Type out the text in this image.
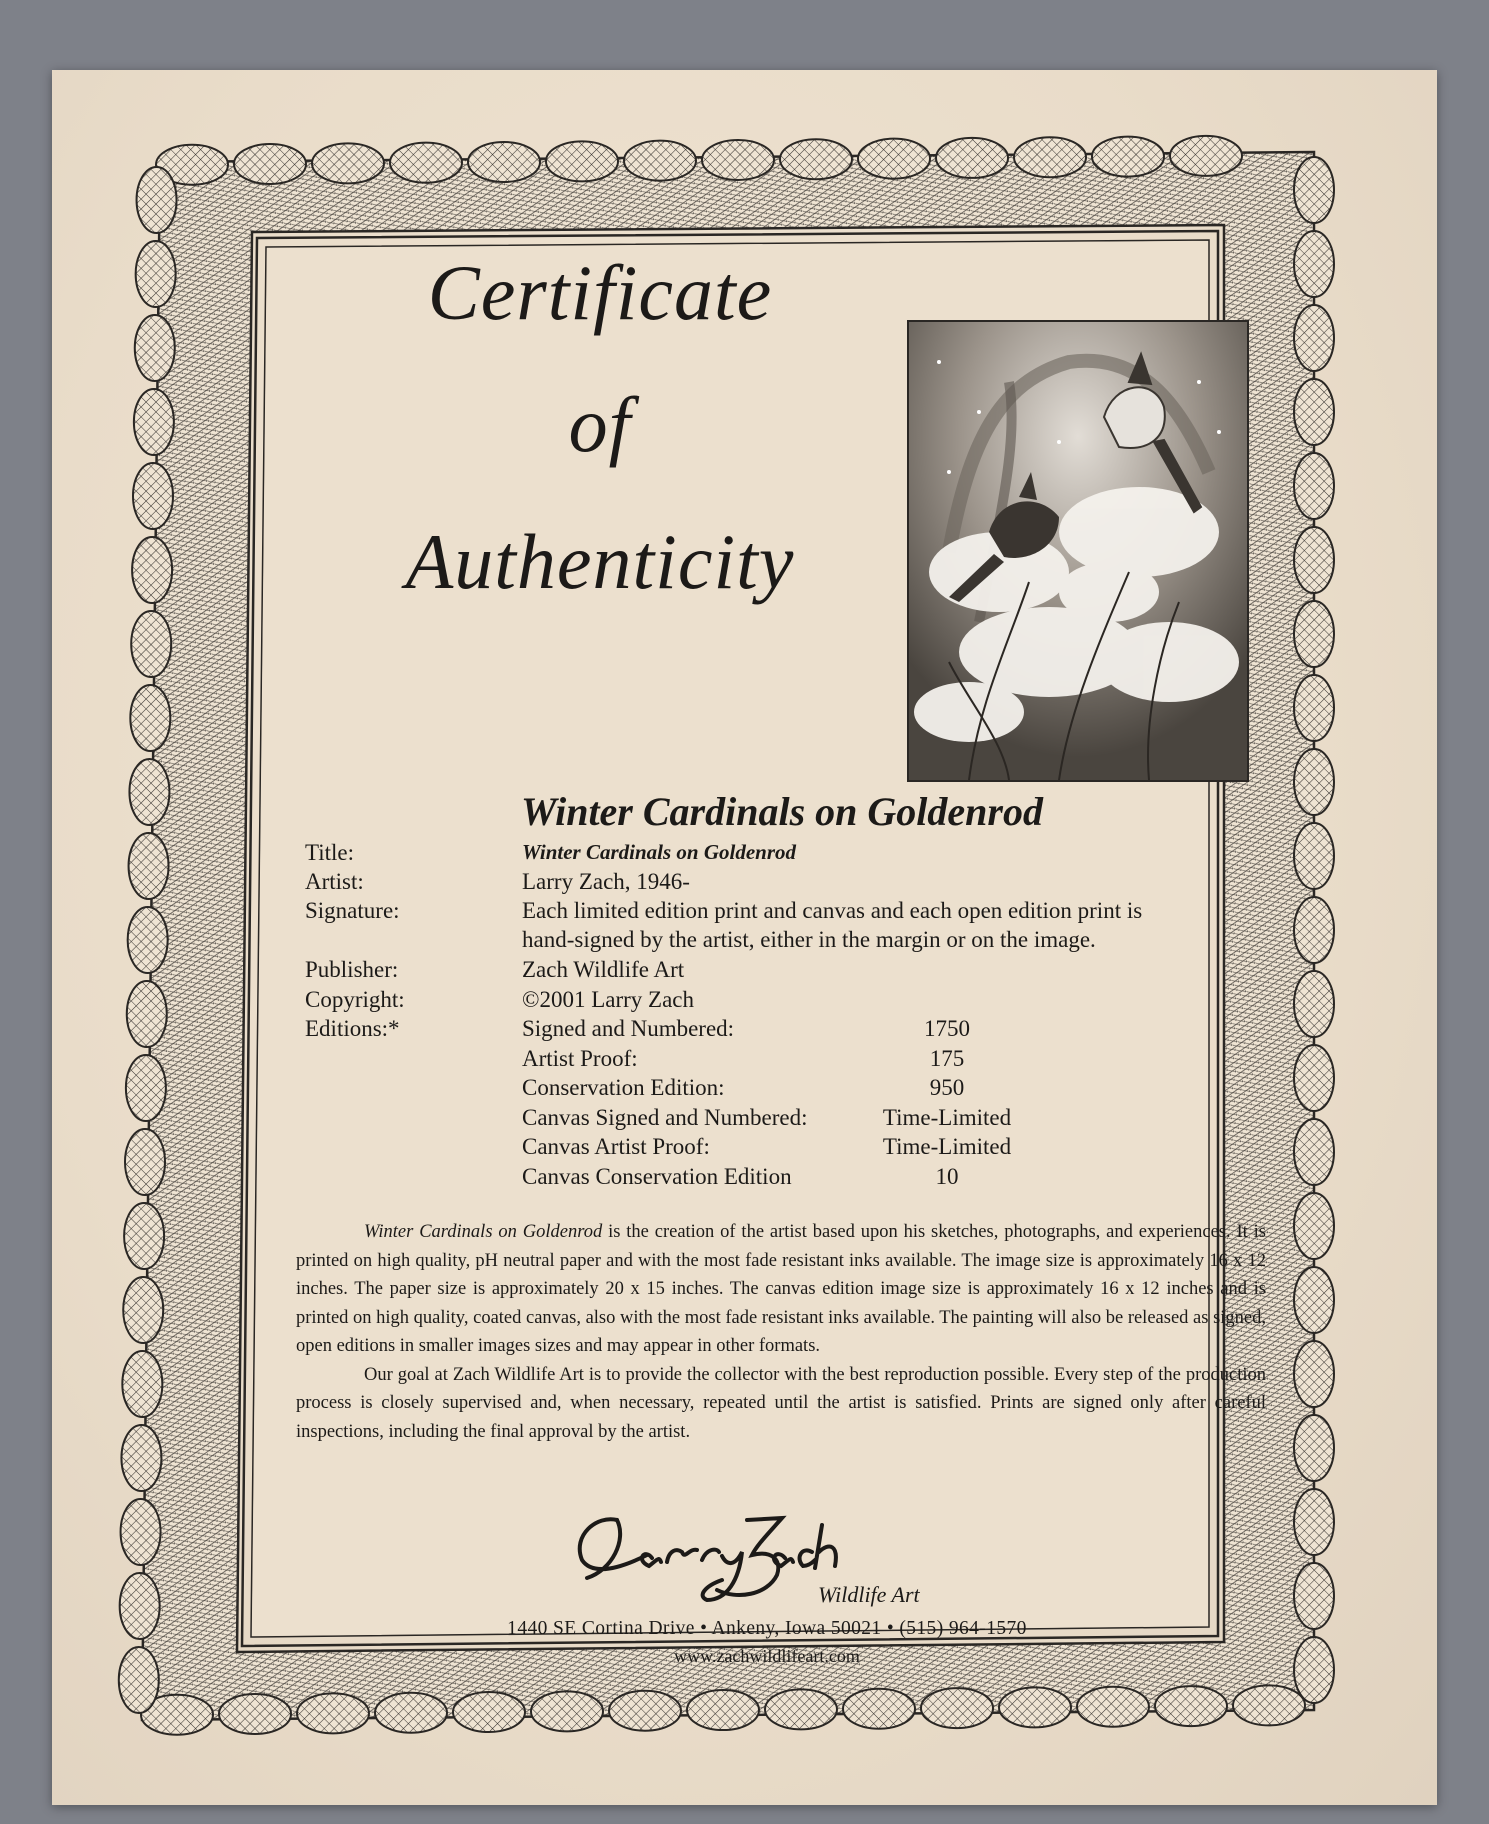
Certificate
of
Authenticity
Winter Cardinals on Goldenrod
Title:	Winter Cardinals on Goldenrod
Artist:	Larry Zach, 1946-
Signature:	Each limited edition print and canvas and each open edition print is
hand-signed by the artist, either in the margin or on the image.
Publisher:	Zach Wildlife Art
Copyright:	©2001 Larry Zach
Editions:*	Signed and Numbered:	1750
Artist Proof:	175
Conservation Edition:	950
Canvas Signed and Numbered:	Time-Limited
Canvas Artist Proof:	Time-Limited
Canvas Conservation Edition	10

Winter Cardinals on Goldenrod is the creation of the artist based upon his sketches, photographs, and experiences. It is printed on high quality, pH neutral paper and with the most fade resistant inks available. The image size is approximately 16 x 12 inches. The paper size is approximately 20 x 15 inches. The canvas edition image size is approximately 16 x 12 inches and is printed on high quality, coated canvas, also with the most fade resistant inks available. The painting will also be released as signed, open editions in smaller images sizes and may appear in other formats.

Our goal at Zach Wildlife Art is to provide the collector with the best reproduction possible. Every step of the production process is closely supervised and, when necessary, repeated until the artist is satisfied. Prints are signed only after careful inspections, including the final approval by the artist.

Wildlife Art
1440 SE Cortina Drive • Ankeny, Iowa 50021 • (515) 964-1570
www.zachwildlifeart.com
